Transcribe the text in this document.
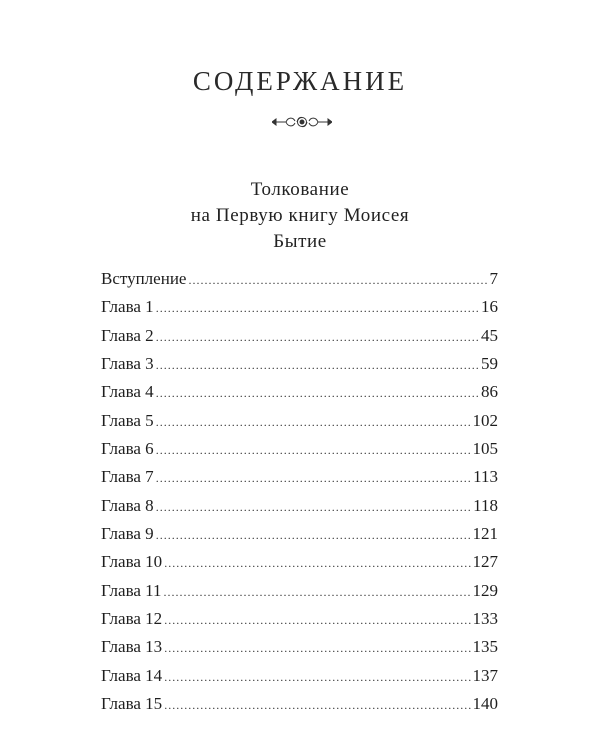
СОДЕРЖАНИЕ
Толкование
на Первую книгу Моисея
Бытие
Вступление .....	7
Глава 1 .....	16
Глава 2 .....	45
Глава 3 .....	59
Глава 4 .....	86
Глава 5 .....	102
Глава 6 .....	105
Глава 7 .....	113
Глава 8 .....	118
Глава 9 .....	121
Глава 10 .....	127
Глава 11 .....	129
Глава 12 .....	133
Глава 13 .....	135
Глава 14 .....	137
Глава 15 .....	140
